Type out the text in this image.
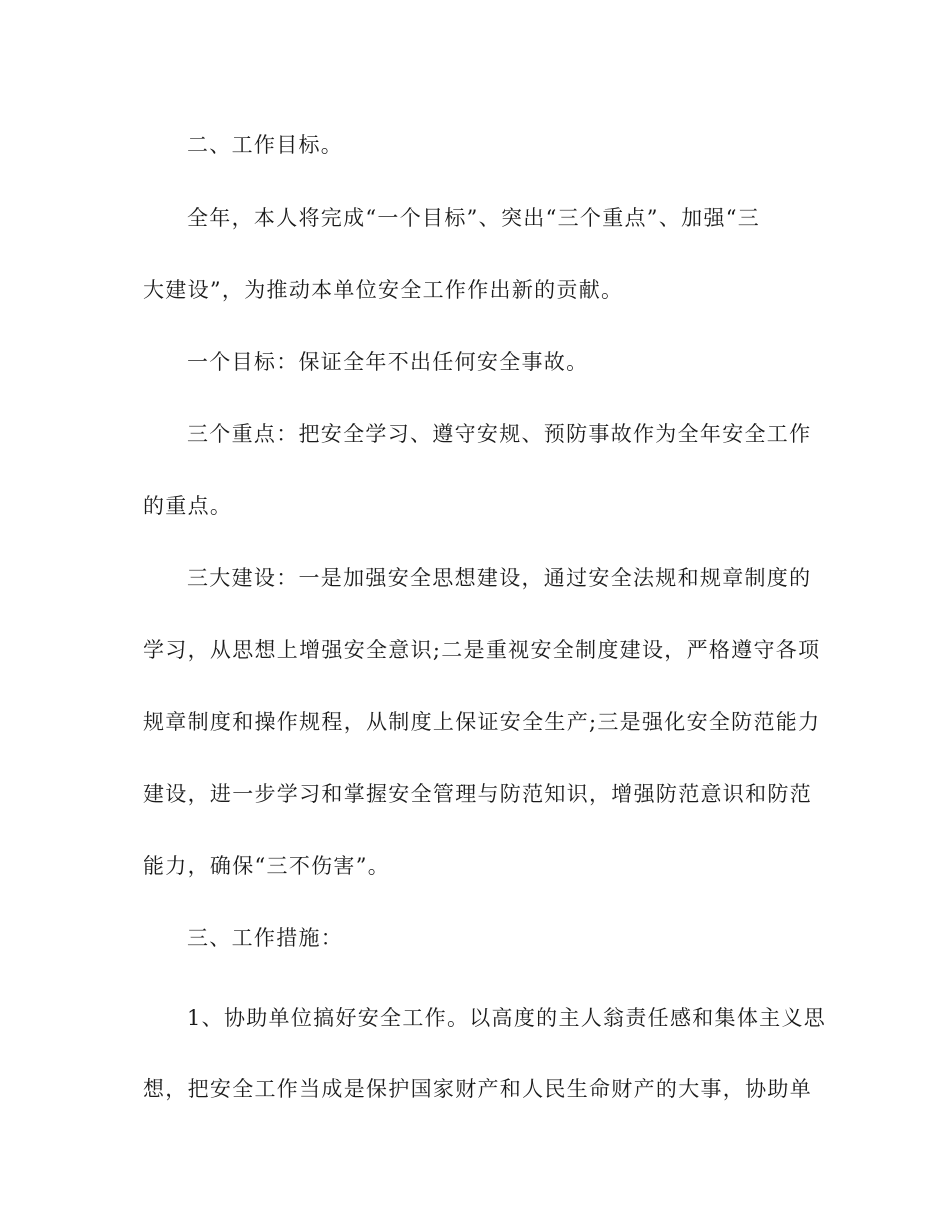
二、工作目标。

全年，本人将完成“一个目标”、突出“三个重点”、加强“三

大建设”，为推动本单位安全工作作出新的贡献。

一个目标：保证全年不出任何安全事故。

三个重点：把安全学习、遵守安规、预防事故作为全年安全工作

的重点。

三大建设：一是加强安全思想建设，通过安全法规和规章制度的

学习，从思想上增强安全意识;二是重视安全制度建设，严格遵守各项

规章制度和操作规程，从制度上保证安全生产;三是强化安全防范能力

建设，进一步学习和掌握安全管理与防范知识，增强防范意识和防范

能力，确保“三不伤害”。

三、工作措施：

1、协助单位搞好安全工作。以高度的主人翁责任感和集体主义思

想，把安全工作当成是保护国家财产和人民生命财产的大事，协助单
